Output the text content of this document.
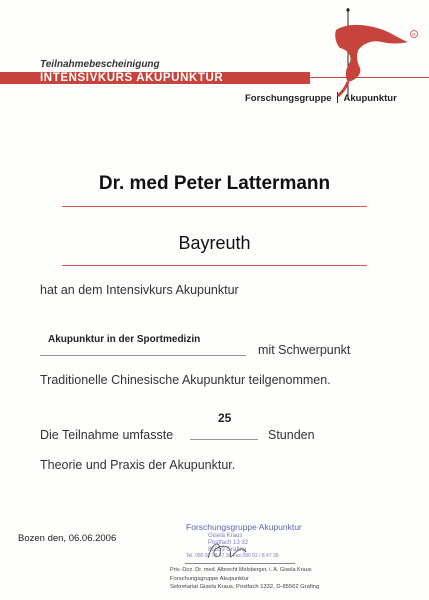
Teilnahmebescheinigung
INTENSIVKURS AKUPUNKTUR
Forschungsgruppe Akupunktur
R
Dr. med Peter Lattermann
Bayreuth
hat an dem Intensivkurs Akupunktur
Akupunktur in der Sportmedizin
mit Schwerpunkt
Traditionelle Chinesische Akupunktur teilgenommen.
Die Teilnahme umfasste
25
Stunden
Theorie und Praxis der Akupunktur.
Bozen den, 06.06.2006
Forschungsgruppe Akupunktur
Gisela Kraus
Postfach 13 32
85559 Grafing
Tel. 080 92 / 8 47 38 Fax 080 92 / 8 47 39
Priv.-Doz. Dr. med. Albrecht Molsberger, i. A. Gisela Kraus
Forschungsgruppe Akupunktur
Sekretariat Gisela Kraus, Postfach 1332, D-85562 Grafing
